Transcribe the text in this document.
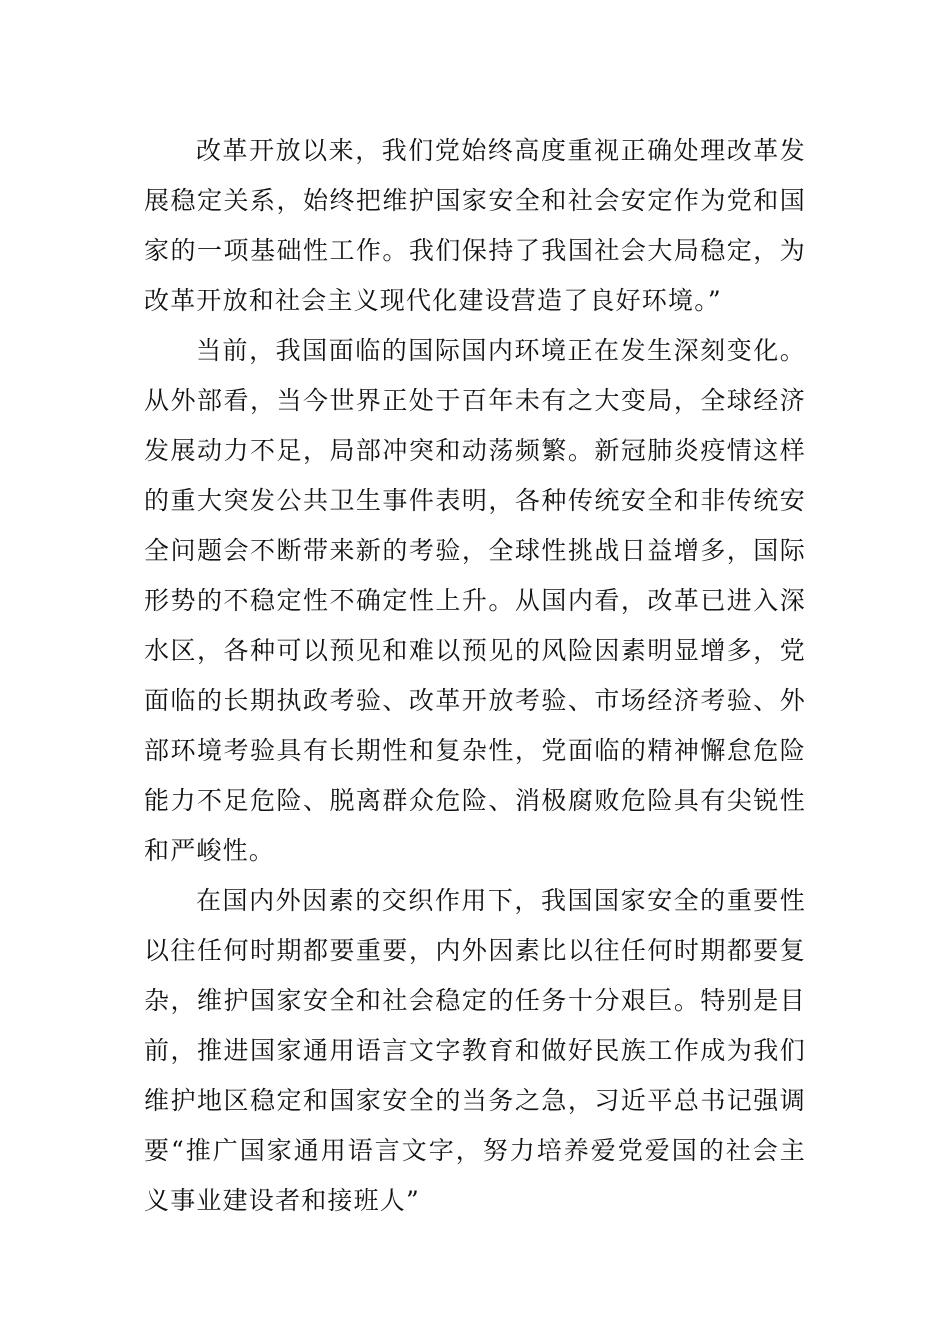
改革开放以来，我们党始终高度重视正确处理改革发展稳定关系，始终把维护国家安全和社会安定作为党和国家的一项基础性工作。我们保持了我国社会大局稳定，为改革开放和社会主义现代化建设营造了良好环境。”

当前，我国面临的国际国内环境正在发生深刻变化。从外部看，当今世界正处于百年未有之大变局，全球经济发展动力不足，局部冲突和动荡频繁。新冠肺炎疫情这样的重大突发公共卫生事件表明，各种传统安全和非传统安全问题会不断带来新的考验，全球性挑战日益增多，国际形势的不稳定性不确定性上升。从国内看，改革已进入深水区，各种可以预见和难以预见的风险因素明显增多，党面临的长期执政考验、改革开放考验、市场经济考验、外部环境考验具有长期性和复杂性，党面临的精神懈怠危险能力不足危险、脱离群众危险、消极腐败危险具有尖锐性和严峻性。

在国内外因素的交织作用下，我国国家安全的重要性以往任何时期都要重要，内外因素比以往任何时期都要复杂，维护国家安全和社会稳定的任务十分艰巨。特别是目前，推进国家通用语言文字教育和做好民族工作成为我们维护地区稳定和国家安全的当务之急，习近平总书记强调要“推广国家通用语言文字，努力培养爱党爱国的社会主义事业建设者和接班人”
